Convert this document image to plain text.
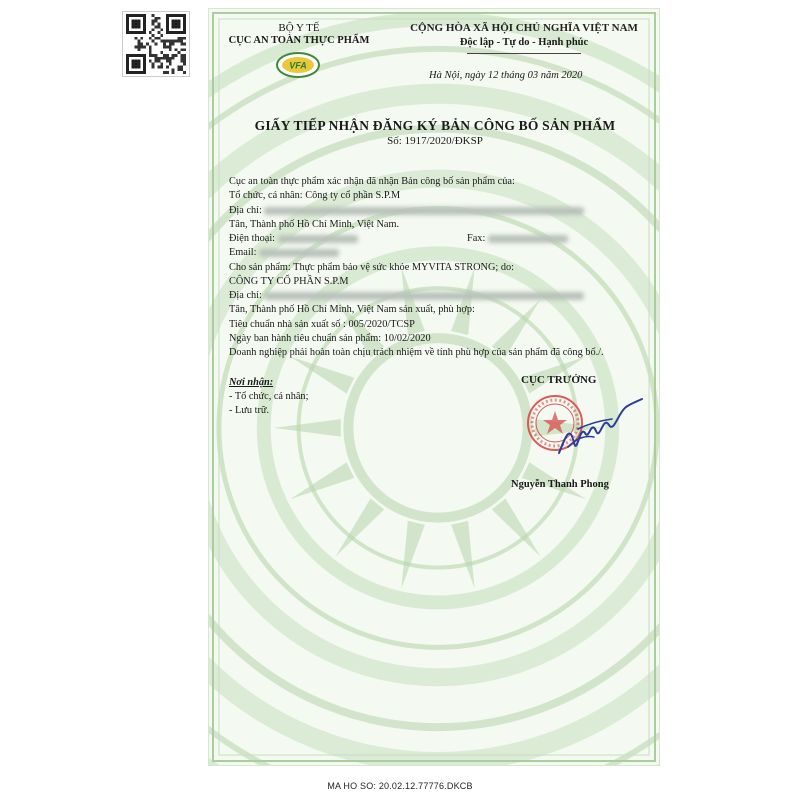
BỘ Y TẾ
CỤC AN TOÀN THỰC PHẨM
VFA
CỘNG HÒA XÃ HỘI CHỦ NGHĨA VIỆT NAM
Độc lập - Tự do - Hạnh phúc
Hà Nội, ngày 12 tháng 03 năm 2020
GIẤY TIẾP NHẬN ĐĂNG KÝ BẢN CÔNG BỐ SẢN PHẨM
Số: 1917/2020/ĐKSP
Cục an toàn thực phẩm xác nhận đã nhận Bản công bố sản phẩm của:
Tổ chức, cá nhân: Công ty cổ phần S.P.M
Địa chỉ:
Tân, Thành phố Hồ Chí Minh, Việt Nam.
Điện thoại:	Fax:
Email:
Cho sản phẩm: Thực phẩm bảo vệ sức khỏe MYVITA STRONG; do:
CÔNG TY CỔ PHẦN S.P.M
Địa chỉ:
Tân, Thành phố Hồ Chí Minh, Việt Nam sản xuất, phù hợp:
Tiêu chuẩn nhà sản xuất số : 005/2020/TCSP
Ngày ban hành tiêu chuẩn sản phẩm: 10/02/2020
Doanh nghiệp phải hoàn toàn chịu trách nhiệm về tính phù hợp của sản phẩm đã công bố./.
Nơi nhận:
- Tổ chức, cá nhân;
- Lưu trữ.
CỤC TRƯỞNG
Nguyễn Thanh Phong
MA HO SO: 20.02.12.77776.DKCB
